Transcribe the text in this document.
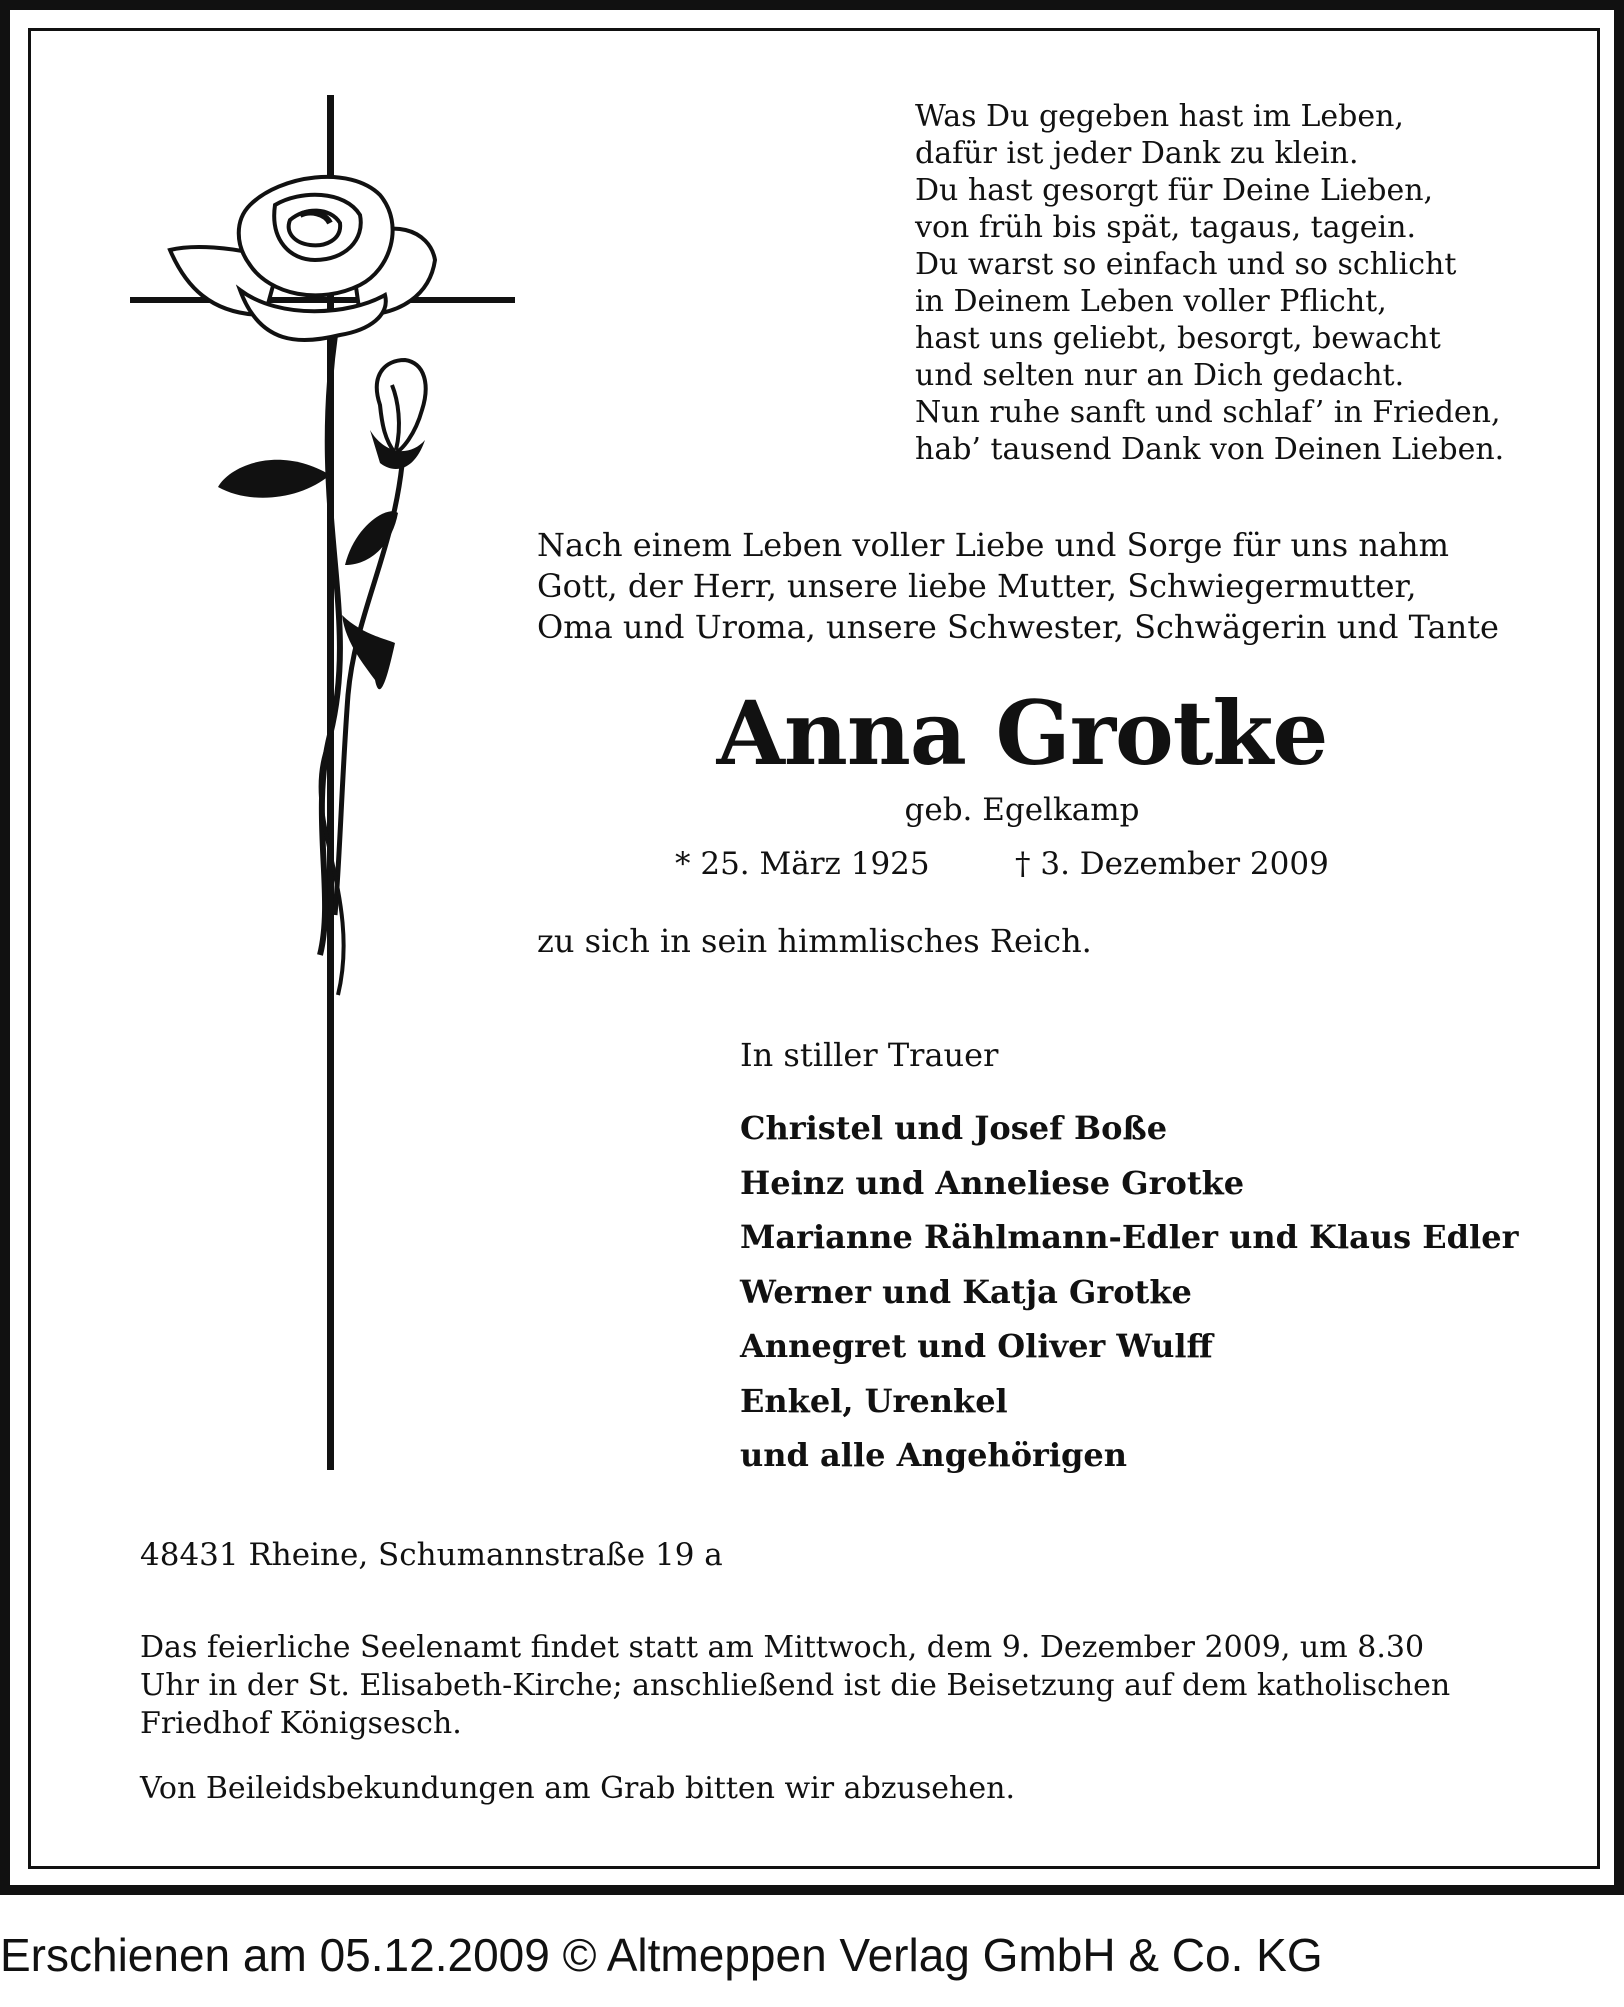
Was Du gegeben hast im Leben,
dafür ist jeder Dank zu klein.
Du hast gesorgt für Deine Lieben,
von früh bis spät, tagaus, tagein.
Du warst so einfach und so schlicht
in Deinem Leben voller Pflicht,
hast uns geliebt, besorgt, bewacht
und selten nur an Dich gedacht.
Nun ruhe sanft und schlaf’ in Frieden,
hab’ tausend Dank von Deinen Lieben.
Nach einem Leben voller Liebe und Sorge für uns nahm
Gott, der Herr, unsere liebe Mutter, Schwiegermutter,
Oma und Uroma, unsere Schwester, Schwägerin und Tante
Anna Grotke
geb. Egelkamp
* 25. März 1925	† 3. Dezember 2009
zu sich in sein himmlisches Reich.
In stiller Trauer
Christel und Josef Boße
Heinz und Anneliese Grotke
Marianne Rählmann-Edler und Klaus Edler
Werner und Katja Grotke
Annegret und Oliver Wulff
Enkel, Urenkel
und alle Angehörigen
48431 Rheine, Schumannstraße 19 a
Das feierliche Seelenamt findet statt am Mittwoch, dem 9. Dezember 2009, um 8.30
Uhr in der St. Elisabeth-Kirche; anschließend ist die Beisetzung auf dem katholischen
Friedhof Königsesch.
Von Beileidsbekundungen am Grab bitten wir abzusehen.
Erschienen am 05.12.2009 © Altmeppen Verlag GmbH & Co. KG
